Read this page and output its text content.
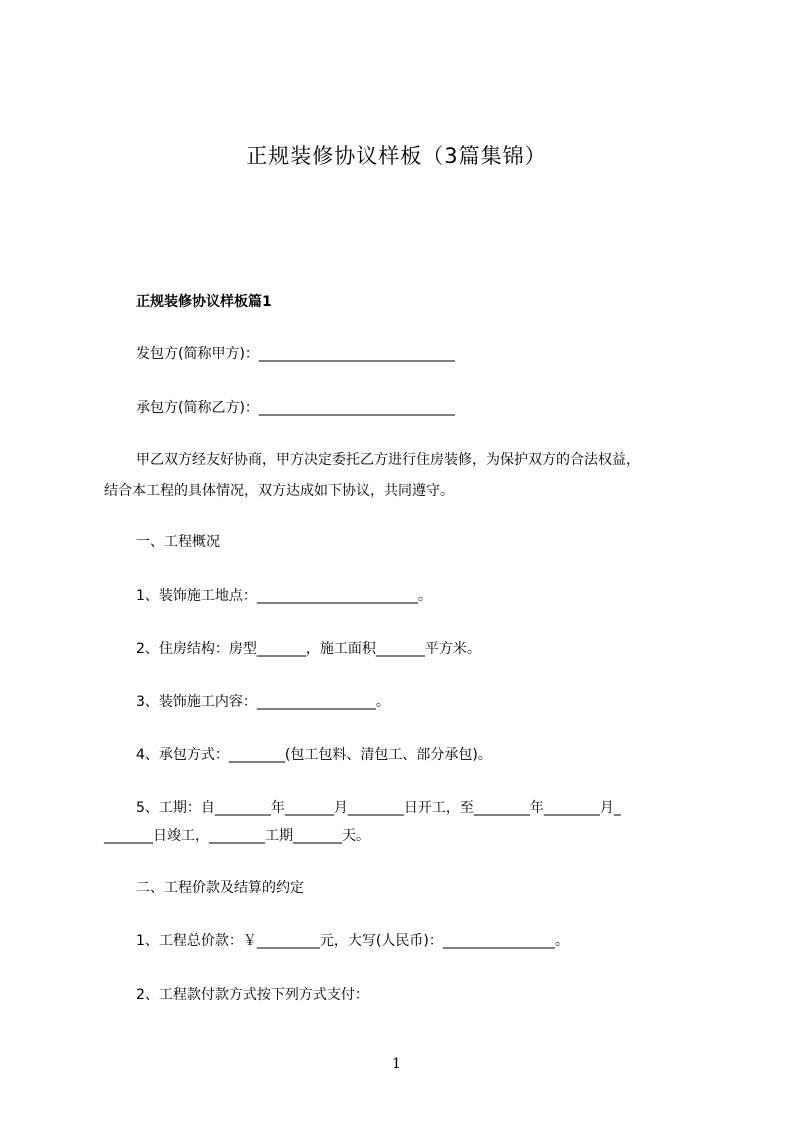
正规装修协议样板（3篇集锦）
正规装修协议样板篇1
发包方(简称甲方)：____________________________
承包方(简称乙方)：____________________________
甲乙双方经友好协商，甲方决定委托乙方进行住房装修，为保护双方的合法权益，
结合本工程的具体情况，双方达成如下协议，共同遵守。
一、工程概况
1、装饰施工地点：_______________________。
2、住房结构：房型_______，施工面积_______平方米。
3、装饰施工内容：_________________。
4、承包方式：________(包工包料、清包工、部分承包)。
5、工期：自________年_______月________日开工，至________年________月_
_______日竣工，________工期_______天。
二、工程价款及结算的约定
1、工程总价款：￥_________元，大写(人民币)：________________。
2、工程款付款方式按下列方式支付：
1
